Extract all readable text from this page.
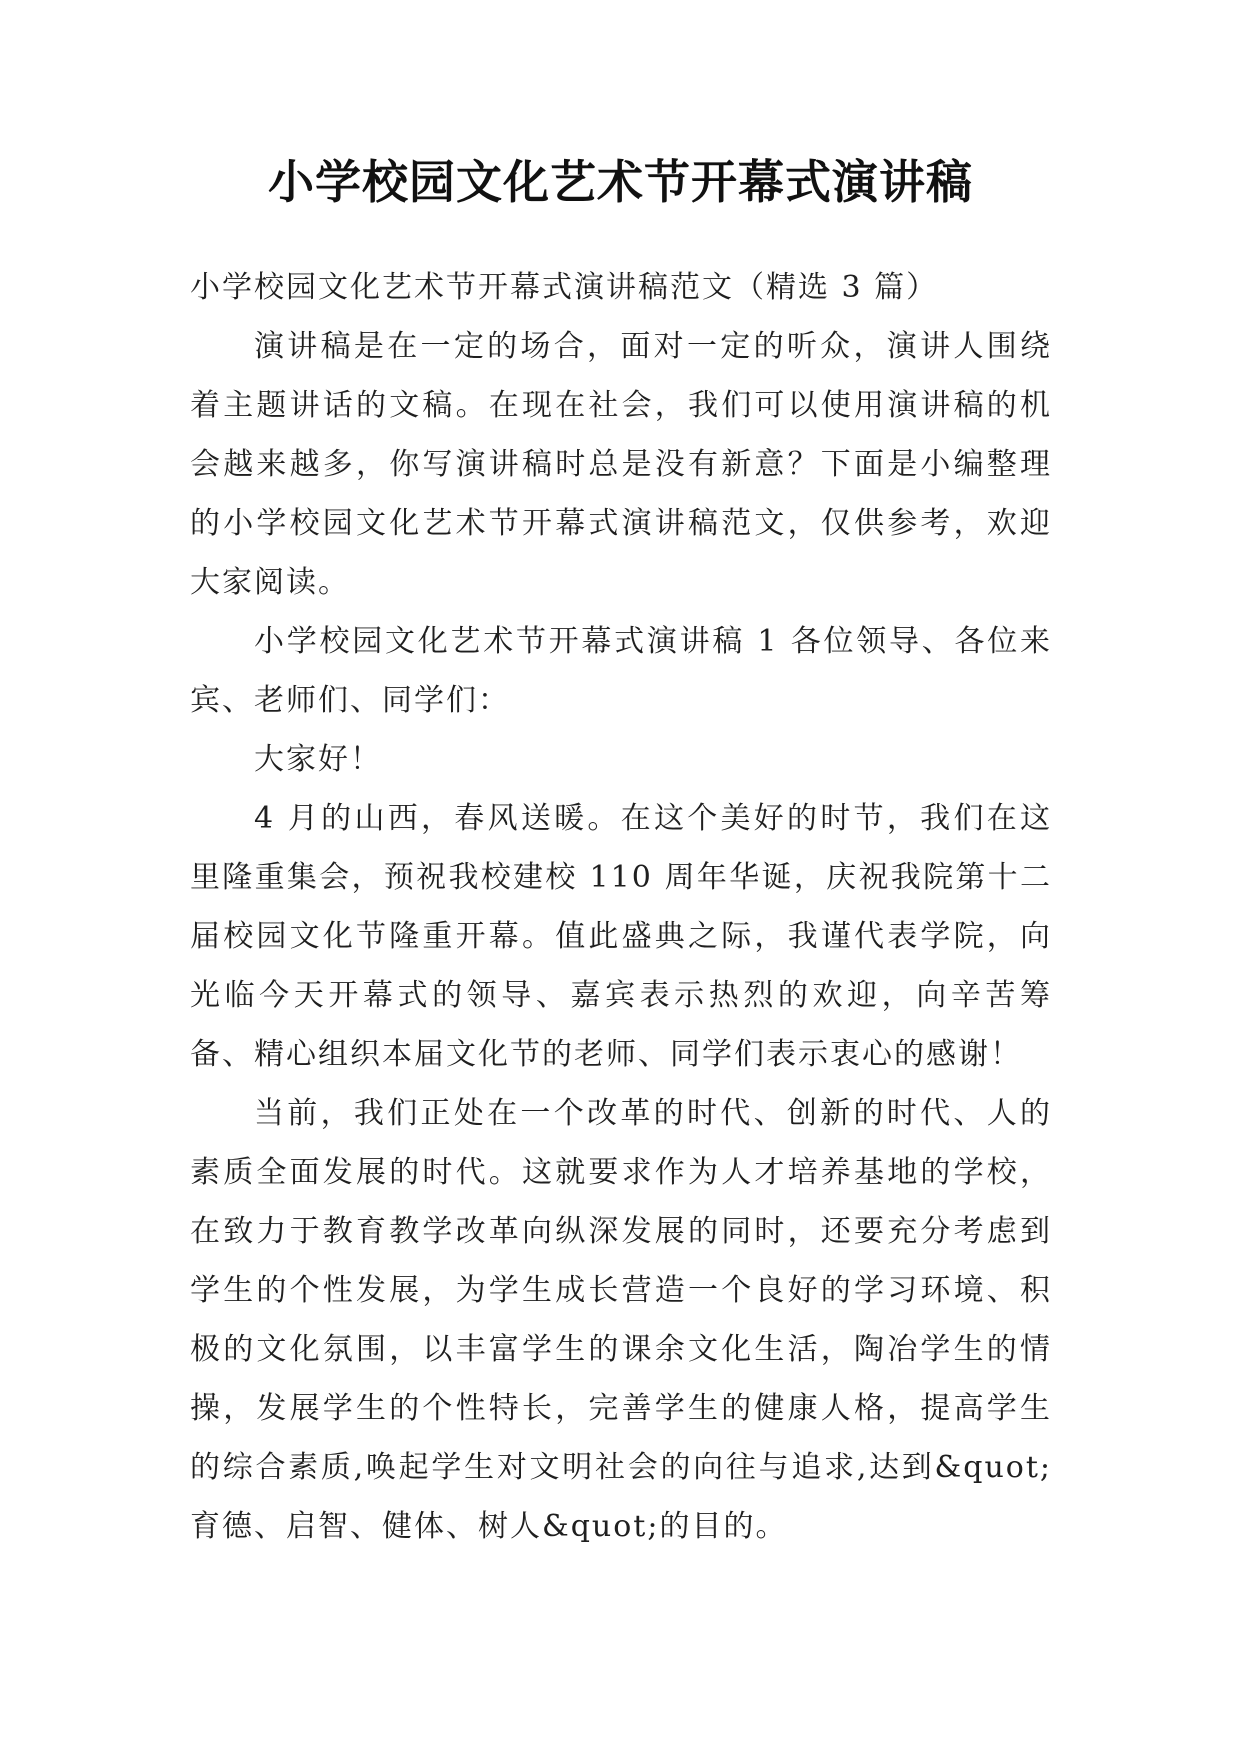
小学校园文化艺术节开幕式演讲稿

小学校园文化艺术节开幕式演讲稿范文（精选 3 篇）

演讲稿是在一定的场合，面对一定的听众，演讲人围绕着主题讲话的文稿。在现在社会，我们可以使用演讲稿的机会越来越多，你写演讲稿时总是没有新意？下面是小编整理的小学校园文化艺术节开幕式演讲稿范文，仅供参考，欢迎大家阅读。

小学校园文化艺术节开幕式演讲稿 1 各位领导、各位来宾、老师们、同学们：

大家好！

4 月的山西，春风送暖。在这个美好的时节，我们在这里隆重集会，预祝我校建校 110 周年华诞，庆祝我院第十二届校园文化节隆重开幕。值此盛典之际，我谨代表学院，向光临今天开幕式的领导、嘉宾表示热烈的欢迎，向辛苦筹备、精心组织本届文化节的老师、同学们表示衷心的感谢！

当前，我们正处在一个改革的时代、创新的时代、人的素质全面发展的时代。这就要求作为人才培养基地的学校，在致力于教育教学改革向纵深发展的同时，还要充分考虑到学生的个性发展，为学生成长营造一个良好的学习环境、积极的文化氛围，以丰富学生的课余文化生活，陶冶学生的情操，发展学生的个性特长，完善学生的健康人格，提高学生的综合素质,唤起学生对文明社会的向往与追求,达到&quot;育德、启智、健体、树人&quot;的目的。
